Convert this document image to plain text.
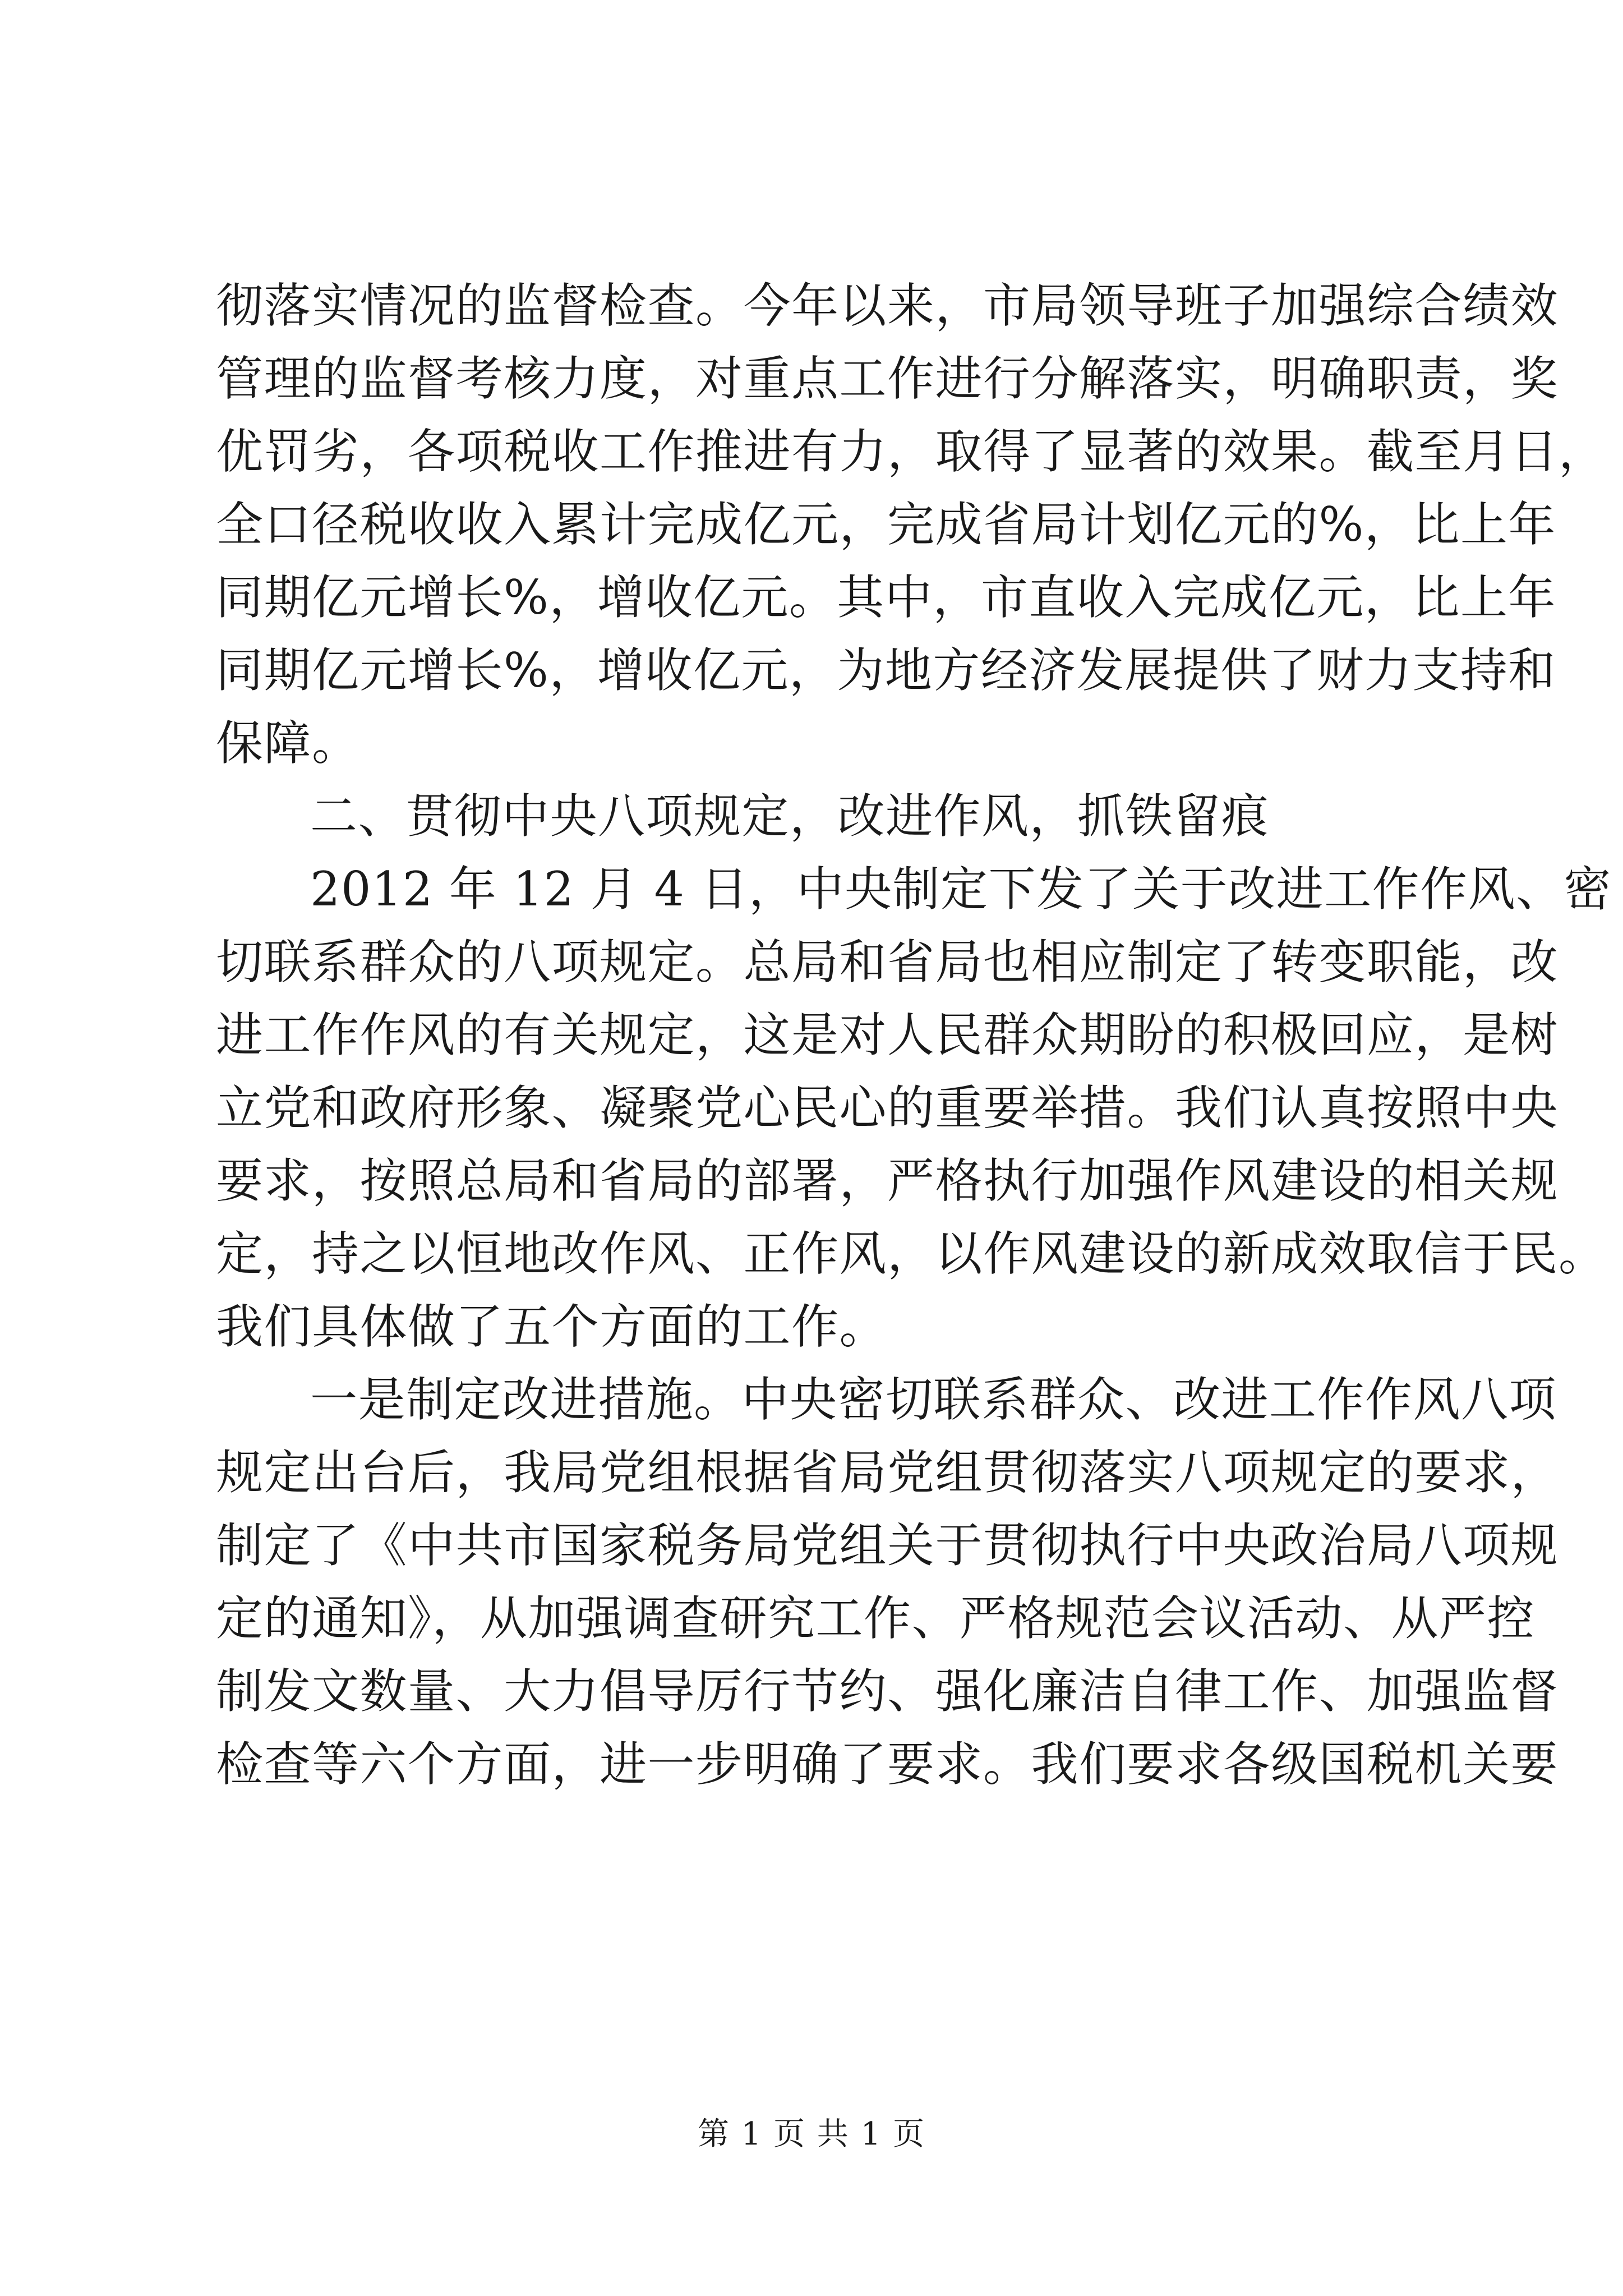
彻落实情况的监督检查。今年以来，市局领导班子加强综合绩效
管理的监督考核力度，对重点工作进行分解落实，明确职责，奖
优罚劣，各项税收工作推进有力，取得了显著的效果。截至月日，
全口径税收收入累计完成亿元，完成省局计划亿元的%，比上年
同期亿元增长%，增收亿元。其中，市直收入完成亿元，比上年
同期亿元增长%，增收亿元，为地方经济发展提供了财力支持和
保障。
二、贯彻中央八项规定，改进作风，抓铁留痕
2012 年 12 月 4 日，中央制定下发了关于改进工作作风、密
切联系群众的八项规定。总局和省局也相应制定了转变职能，改
进工作作风的有关规定，这是对人民群众期盼的积极回应，是树
立党和政府形象、凝聚党心民心的重要举措。我们认真按照中央
要求，按照总局和省局的部署，严格执行加强作风建设的相关规
定，持之以恒地改作风、正作风，以作风建设的新成效取信于民。
我们具体做了五个方面的工作。
一是制定改进措施。中央密切联系群众、改进工作作风八项
规定出台后，我局党组根据省局党组贯彻落实八项规定的要求，
制定了《中共市国家税务局党组关于贯彻执行中央政治局八项规
定的通知》，从加强调查研究工作、严格规范会议活动、从严控
制发文数量、大力倡导厉行节约、强化廉洁自律工作、加强监督
检查等六个方面，进一步明确了要求。我们要求各级国税机关要
第 1 页 共 1 页
